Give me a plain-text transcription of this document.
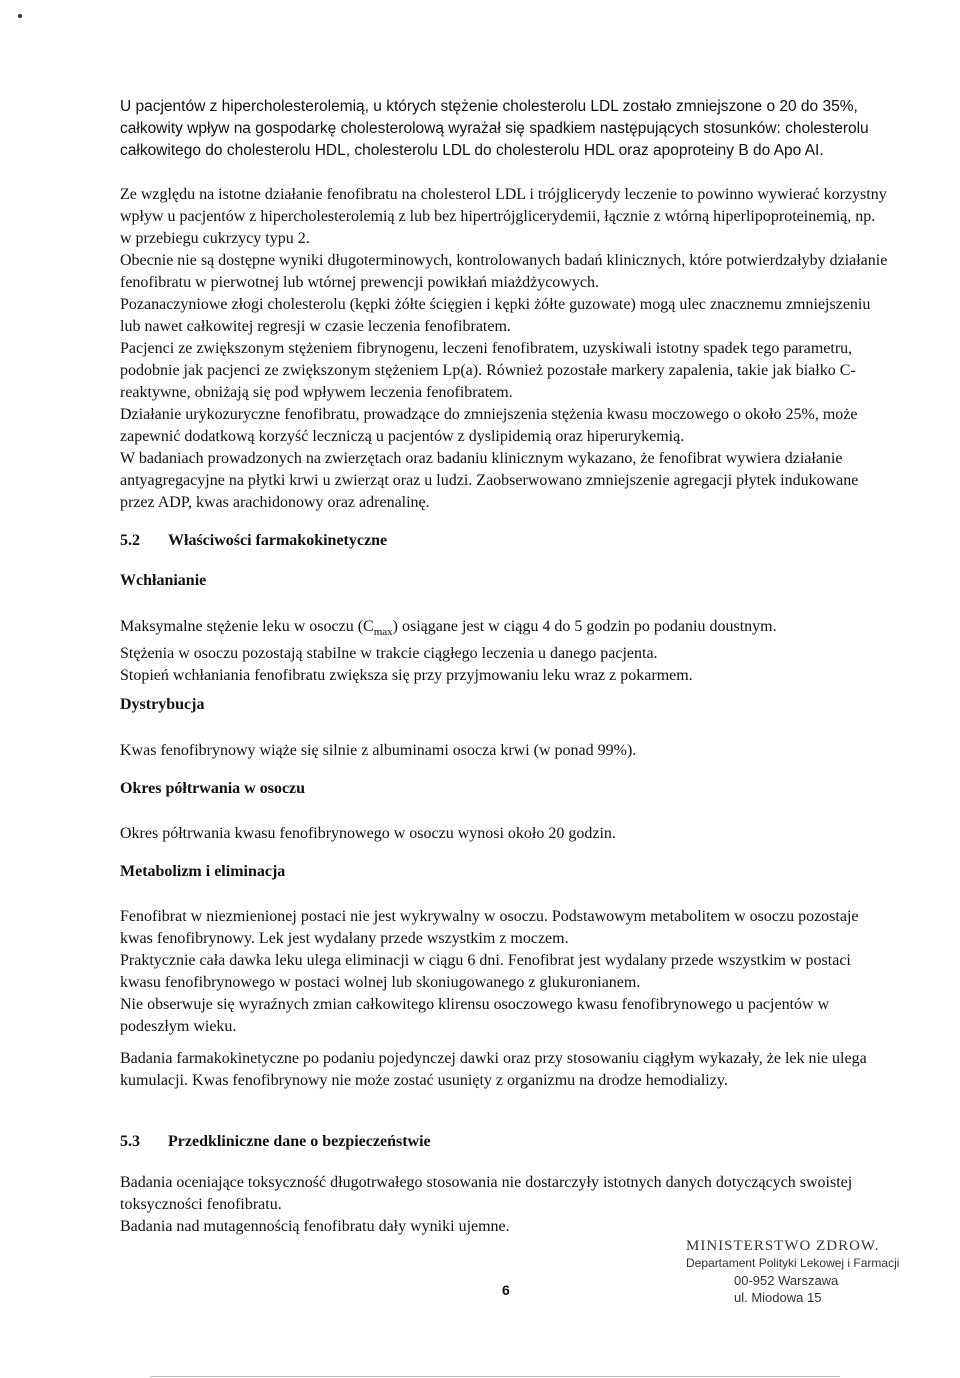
U pacjentów z hipercholesterolemią, u których stężenie cholesterolu LDL zostało zmniejszone o 20 do 35%, całkowity wpływ na gospodarkę cholesterolową wyrażał się spadkiem następujących stosunków: cholesterolu całkowitego do cholesterolu HDL, cholesterolu LDL do cholesterolu HDL oraz apoproteiny B do Apo AI.

Ze względu na istotne działanie fenofibratu na cholesterol LDL i trójglicerydy leczenie to powinno wywierać korzystny wpływ u pacjentów z hipercholesterolemią z lub bez hipertrójglicerydemii, łącznie z wtórną hiperlipoproteinemią, np. w przebiegu cukrzycy typu 2.

Obecnie nie są dostępne wyniki długoterminowych, kontrolowanych badań klinicznych, które potwierdzałyby działanie fenofibratu w pierwotnej lub wtórnej prewencji powikłań miażdżycowych.

Pozanaczyniowe złogi cholesterolu (kępki żółte ścięgien i kępki żółte guzowate) mogą ulec znacznemu zmniejszeniu lub nawet całkowitej regresji w czasie leczenia fenofibratem.

Pacjenci ze zwiększonym stężeniem fibrynogenu, leczeni fenofibratem, uzyskiwali istotny spadek tego parametru, podobnie jak pacjenci ze zwiększonym stężeniem Lp(a). Również pozostałe markery zapalenia, takie jak białko C-reaktywne, obniżają się pod wpływem leczenia fenofibratem.

Działanie urykozuryczne fenofibratu, prowadzące do zmniejszenia stężenia kwasu moczowego o około 25%, może zapewnić dodatkową korzyść leczniczą u pacjentów z dyslipidemią oraz hiperurykemią.

W badaniach prowadzonych na zwierzętach oraz badaniu klinicznym wykazano, że fenofibrat wywiera działanie antyagregacyjne na płytki krwi u zwierząt oraz u ludzi. Zaobserwowano zmniejszenie agregacji płytek indukowane przez ADP, kwas arachidonowy oraz adrenalinę.

5.2 Właściwości farmakokinetyczne
Wchłanianie

Maksymalne stężenie leku w osoczu $(C_{max})$ osiągane jest w ciągu 4 do 5 godzin po podaniu doustnym.

Stężenia w osoczu pozostają stabilne w trakcie ciągłego leczenia u danego pacjenta.

Stopień wchłaniania fenofibratu zwiększa się przy przyjmowaniu leku wraz z pokarmem.

Dystrybucja

Kwas fenofibrynowy wiąże się silnie z albuminami osocza krwi (w ponad 99%).

Okres półtrwania w osoczu

Okres półtrwania kwasu fenofibrynowego w osoczu wynosi około 20 godzin.

Metabolizm i eliminacja

Fenofibrat w niezmienionej postaci nie jest wykrywalny w osoczu. Podstawowym metabolitem w osoczu pozostaje kwas fenofibrynowy. Lek jest wydalany przede wszystkim z moczem.

Praktycznie cała dawka leku ulega eliminacji w ciągu 6 dni. Fenofibrat jest wydalany przede wszystkim w postaci kwasu fenofibrynowego w postaci wolnej lub skoniugowanego z glukuronianem.

Nie obserwuje się wyraźnych zmian całkowitego klirensu osoczowego kwasu fenofibrynowego u pacjentów w podeszłym wieku.

Badania farmakokinetyczne po podaniu pojedynczej dawki oraz przy stosowaniu ciągłym wykazały, że lek nie ulega kumulacji. Kwas fenofibrynowy nie może zostać usunięty z organizmu na drodze hemodializy.

5.3 Przedkliniczne dane o bezpieczeństwie

Badania oceniające toksyczność długotrwałego stosowania nie dostarczyły istotnych danych dotyczących swoistej toksyczności fenofibratu.

Badania nad mutagennością fenofibratu dały wyniki ujemne.

6
MINISTERSTWO ZDROW.
Departament Polityki Lekowej i Farmacji
00-952 Warszawa
ul. Miodowa 15
